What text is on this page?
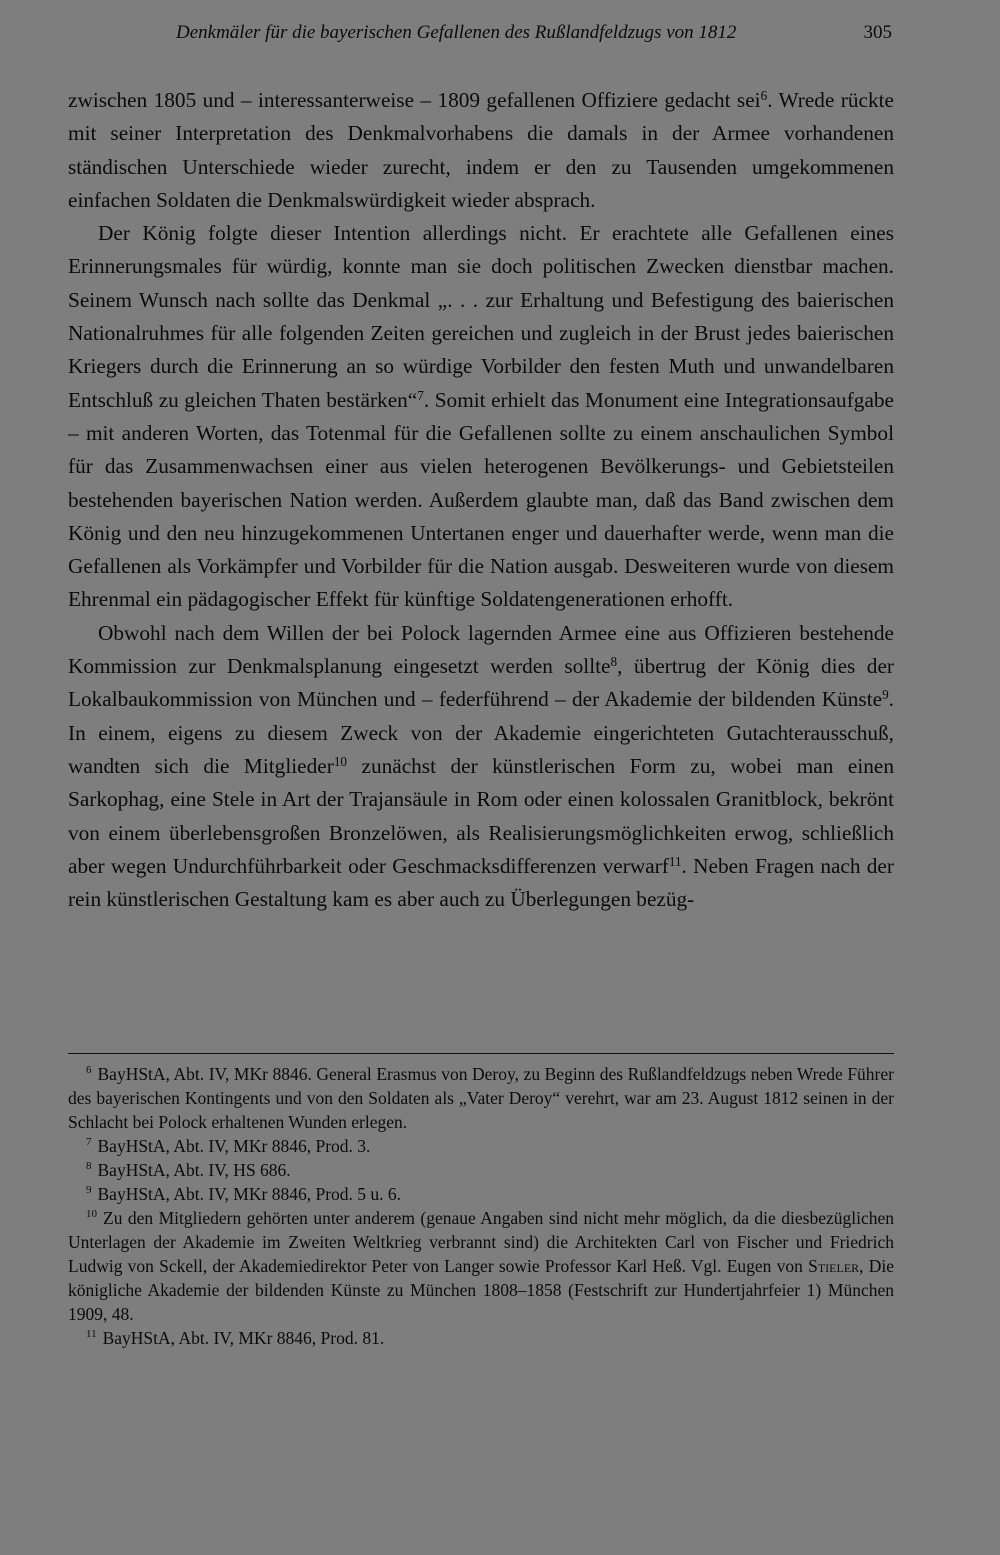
Denkmäler für die bayerischen Gefallenen des Rußlandfeldzugs von 1812	305

zwischen 1805 und – interessanterweise – 1809 gefallenen Offiziere gedacht sei$^6$. Wrede rückte mit seiner Interpretation des Denkmalvorhabens die damals in der Armee vorhandenen ständischen Unterschiede wieder zurecht, indem er den zu Tausenden umgekommenen einfachen Soldaten die Denkmalswürdigkeit wieder absprach.

Der König folgte dieser Intention allerdings nicht. Er erachtete alle Gefallenen eines Erinnerungsmales für würdig, konnte man sie doch politischen Zwecken dienstbar machen. Seinem Wunsch nach sollte das Denkmal „. . . zur Erhaltung und Befestigung des baierischen Nationalruhmes für alle folgenden Zeiten gereichen und zugleich in der Brust jedes baierischen Kriegers durch die Erinnerung an so würdige Vorbilder den festen Muth und unwandelbaren Entschluß zu gleichen Thaten bestärken“$^7$. Somit erhielt das Monument eine Integrationsaufgabe – mit anderen Worten, das Totenmal für die Gefallenen sollte zu einem anschaulichen Symbol für das Zusammenwachsen einer aus vielen heterogenen Bevölkerungs- und Gebietsteilen bestehenden bayerischen Nation werden. Außerdem glaubte man, daß das Band zwischen dem König und den neu hinzugekommenen Untertanen enger und dauerhafter werde, wenn man die Gefallenen als Vorkämpfer und Vorbilder für die Nation ausgab. Desweiteren wurde von diesem Ehrenmal ein pädagogischer Effekt für künftige Soldatengenerationen erhofft.

Obwohl nach dem Willen der bei Polock lagernden Armee eine aus Offizieren bestehende Kommission zur Denkmalsplanung eingesetzt werden sollte$^8$, übertrug der König dies der Lokalbaukommission von München und – federführend – der Akademie der bildenden Künste$^9$. In einem, eigens zu diesem Zweck von der Akademie eingerichteten Gutachterausschuß, wandten sich die Mitglieder$^{10}$ zunächst der künstlerischen Form zu, wobei man einen Sarkophag, eine Stele in Art der Trajansäule in Rom oder einen kolossalen Granitblock, bekrönt von einem überlebensgroßen Bronzelöwen, als Realisierungsmöglichkeiten erwog, schließlich aber wegen Undurchführbarkeit oder Geschmacksdifferenzen verwarf$^{11}$. Neben Fragen nach der rein künstlerischen Gestaltung kam es aber auch zu Überlegungen bezüg-

$^6$ BayHStA, Abt. IV, MKr 8846. General Erasmus von Deroy, zu Beginn des Rußlandfeldzugs neben Wrede Führer des bayerischen Kontingents und von den Soldaten als „Vater Deroy“ verehrt, war am 23. August 1812 seinen in der Schlacht bei Polock erhaltenen Wunden erlegen.

$^7$ BayHStA, Abt. IV, MKr 8846, Prod. 3.

$^8$ BayHStA, Abt. IV, HS 686.

$^9$ BayHStA, Abt. IV, MKr 8846, Prod. 5 u. 6.

$^{10}$ Zu den Mitgliedern gehörten unter anderem (genaue Angaben sind nicht mehr möglich, da die diesbezüglichen Unterlagen der Akademie im Zweiten Weltkrieg verbrannt sind) die Architekten Carl von Fischer und Friedrich Ludwig von Sckell, der Akademiedirektor Peter von Langer sowie Professor Karl Heß. Vgl. Eugen von Stieler, Die königliche Akademie der bildenden Künste zu München 1808–1858 (Festschrift zur Hundertjahrfeier 1) München 1909, 48.

$^{11}$ BayHStA, Abt. IV, MKr 8846, Prod. 81.
